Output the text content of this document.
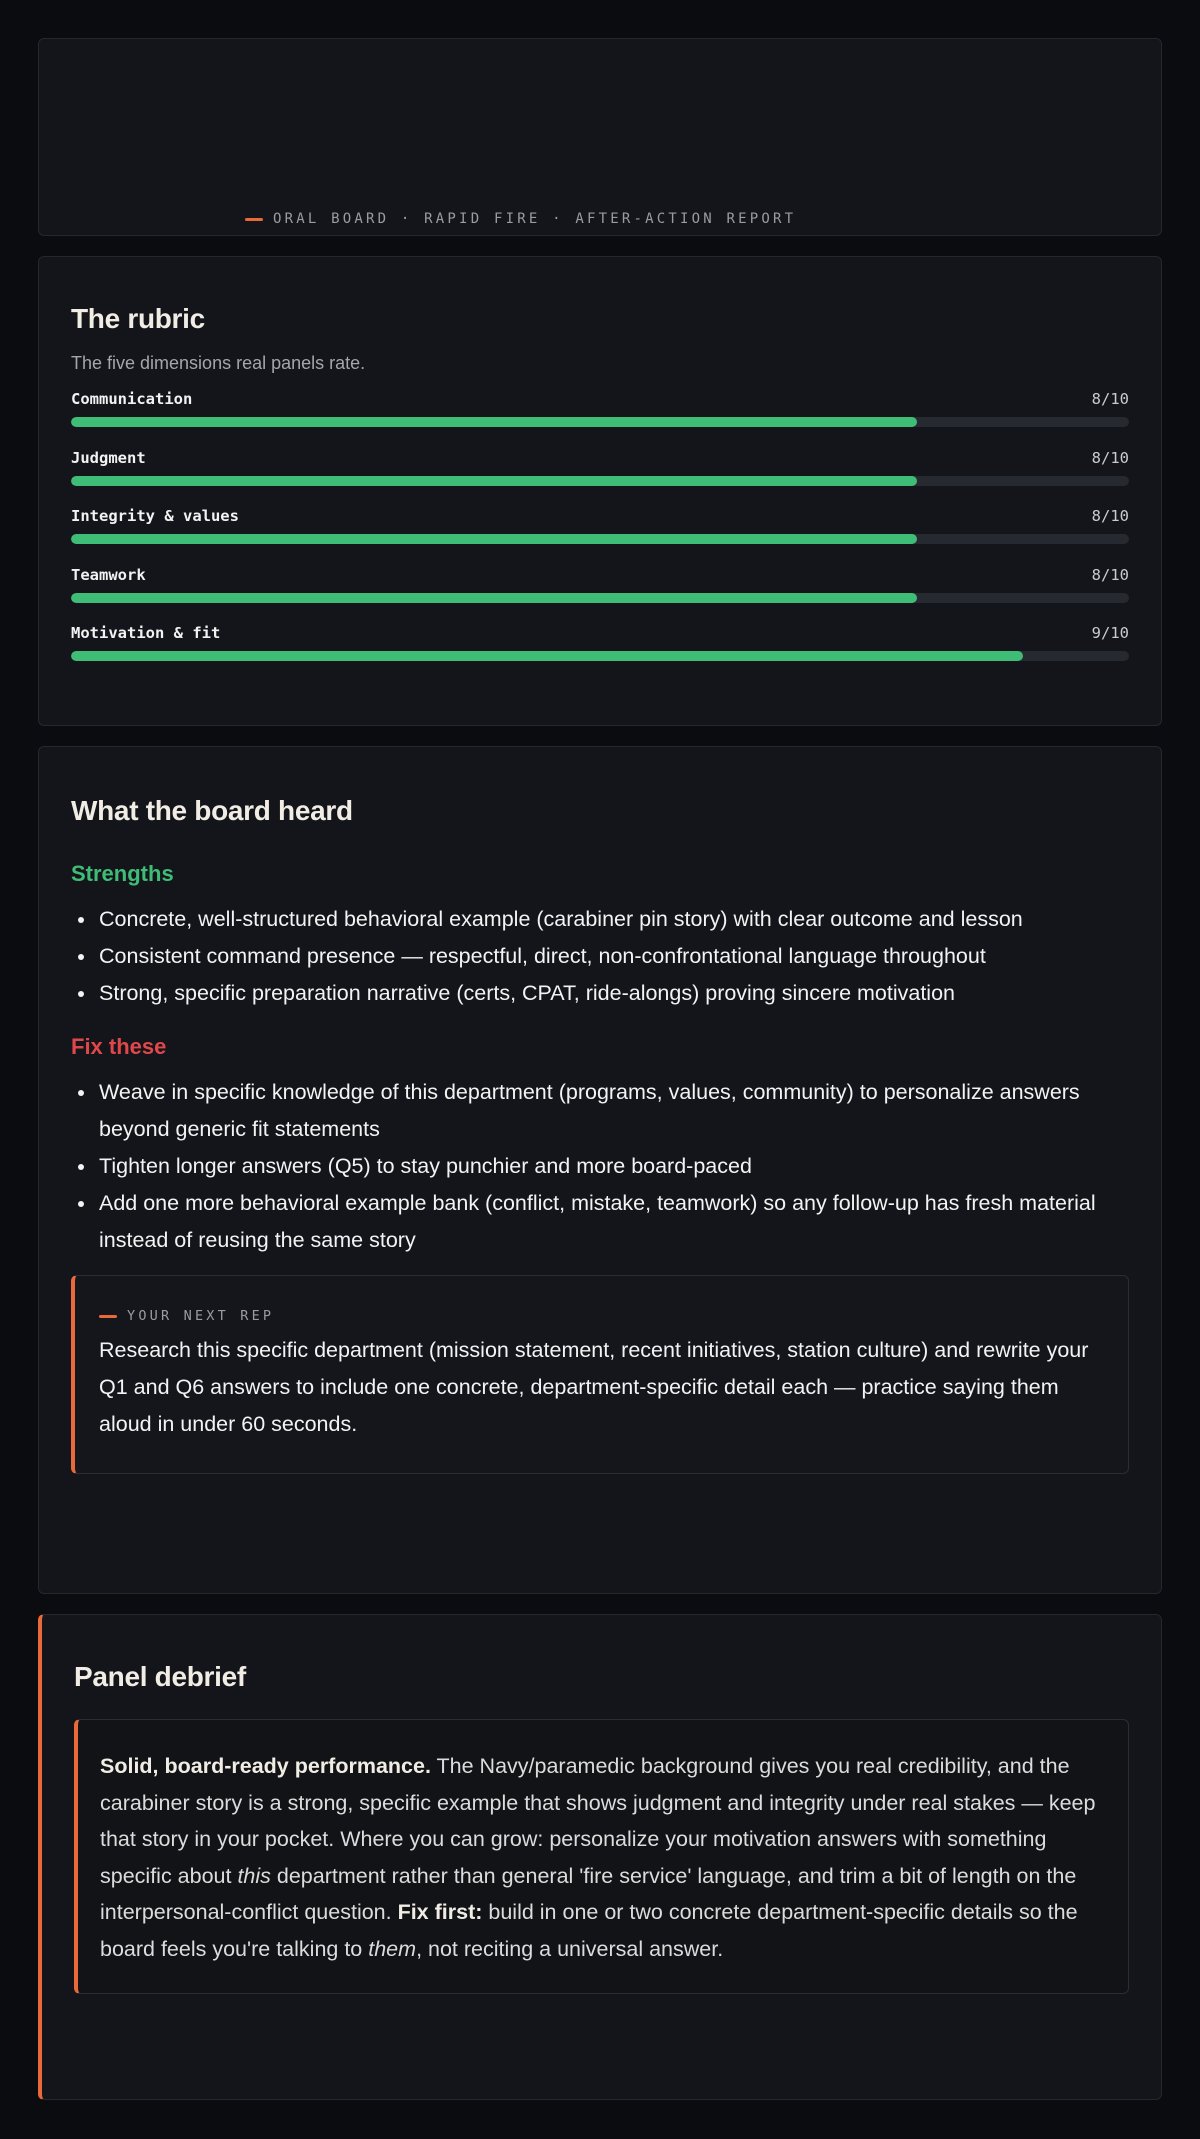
ORAL BOARD · RAPID FIRE · AFTER-ACTION REPORT
The rubric
The five dimensions real panels rate.
Communication	8/10
Judgment	8/10
Integrity & values	8/10
Teamwork	8/10
Motivation & fit	9/10
What the board heard
Strengths
• Concrete, well-structured behavioral example (carabiner pin story) with clear outcome and lesson
• Consistent command presence — respectful, direct, non-confrontational language throughout
• Strong, specific preparation narrative (certs, CPAT, ride-alongs) proving sincere motivation
Fix these
• Weave in specific knowledge of this department (programs, values, community) to personalize answers beyond generic fit statements
• Tighten longer answers (Q5) to stay punchier and more board-paced
• Add one more behavioral example bank (conflict, mistake, teamwork) so any follow-up has fresh material instead of reusing the same story
YOUR NEXT REP
Research this specific department (mission statement, recent initiatives, station culture) and rewrite your Q1 and Q6 answers to include one concrete, department-specific detail each — practice saying them aloud in under 60 seconds.
Panel debrief
Solid, board-ready performance. The Navy/paramedic background gives you real credibility, and the carabiner story is a strong, specific example that shows judgment and integrity under real stakes — keep that story in your pocket. Where you can grow: personalize your motivation answers with something specific about this department rather than general 'fire service' language, and trim a bit of length on the interpersonal-conflict question. Fix first: build in one or two concrete department-specific details so the board feels you're talking to them, not reciting a universal answer.
